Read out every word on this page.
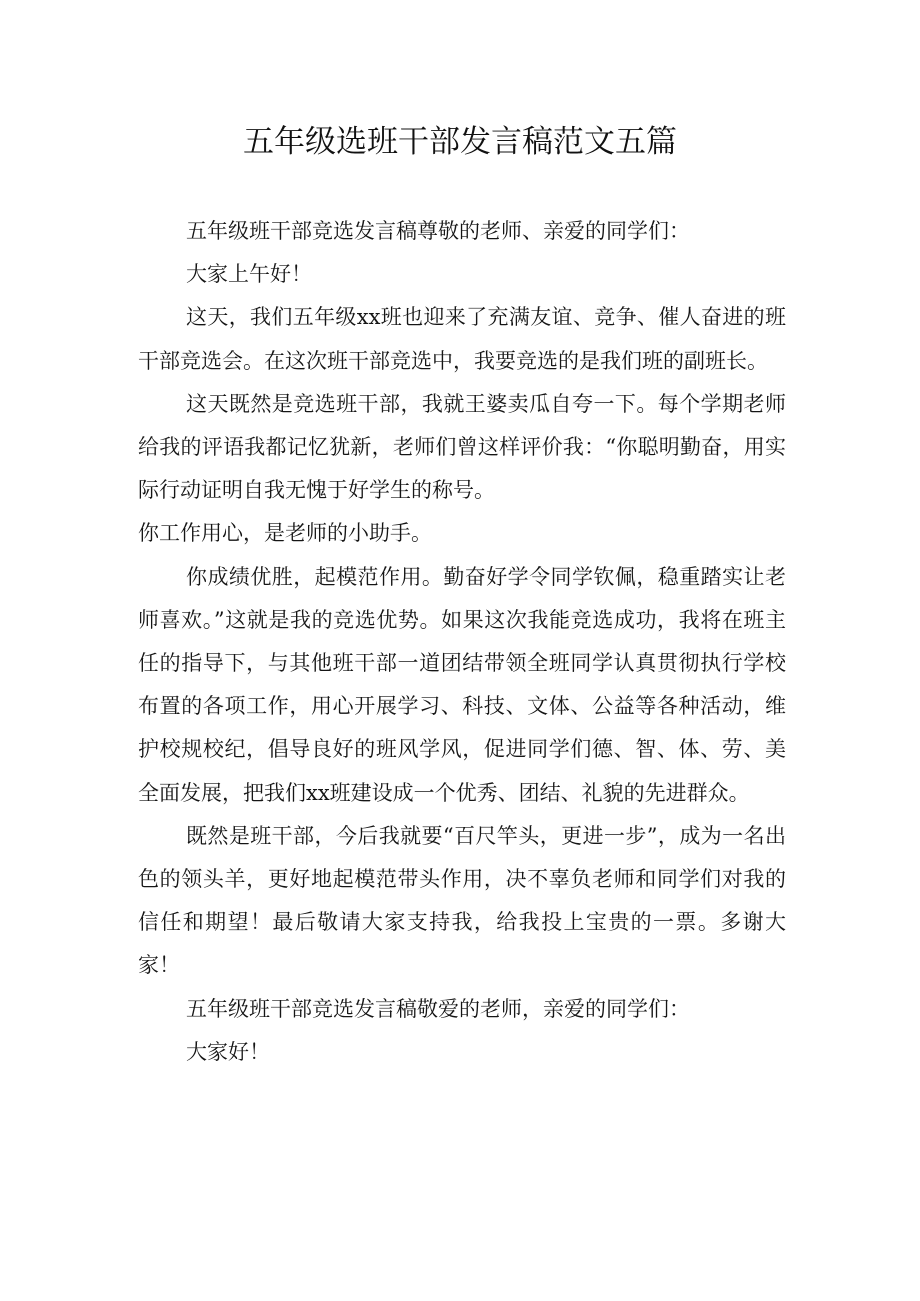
五年级选班干部发言稿范文五篇

五年级班干部竞选发言稿尊敬的老师、亲爱的同学们：

大家上午好！

这天，我们五年级xx班也迎来了充满友谊、竞争、催人奋进的班干部竞选会。在这次班干部竞选中，我要竞选的是我们班的副班长。

这天既然是竞选班干部，我就王婆卖瓜自夸一下。每个学期老师给我的评语我都记忆犹新，老师们曾这样评价我：“你聪明勤奋，用实际行动证明自我无愧于好学生的称号。

你工作用心，是老师的小助手。

你成绩优胜，起模范作用。勤奋好学令同学钦佩，稳重踏实让老师喜欢。”这就是我的竞选优势。如果这次我能竞选成功，我将在班主任的指导下，与其他班干部一道团结带领全班同学认真贯彻执行学校布置的各项工作，用心开展学习、科技、文体、公益等各种活动，维护校规校纪，倡导良好的班风学风，促进同学们德、智、体、劳、美全面发展，把我们xx班建设成一个优秀、团结、礼貌的先进群众。

既然是班干部，今后我就要“百尺竿头，更进一步”，成为一名出色的领头羊，更好地起模范带头作用，决不辜负老师和同学们对我的信任和期望！最后敬请大家支持我，给我投上宝贵的一票。多谢大家！

五年级班干部竞选发言稿敬爱的老师，亲爱的同学们：

大家好！
